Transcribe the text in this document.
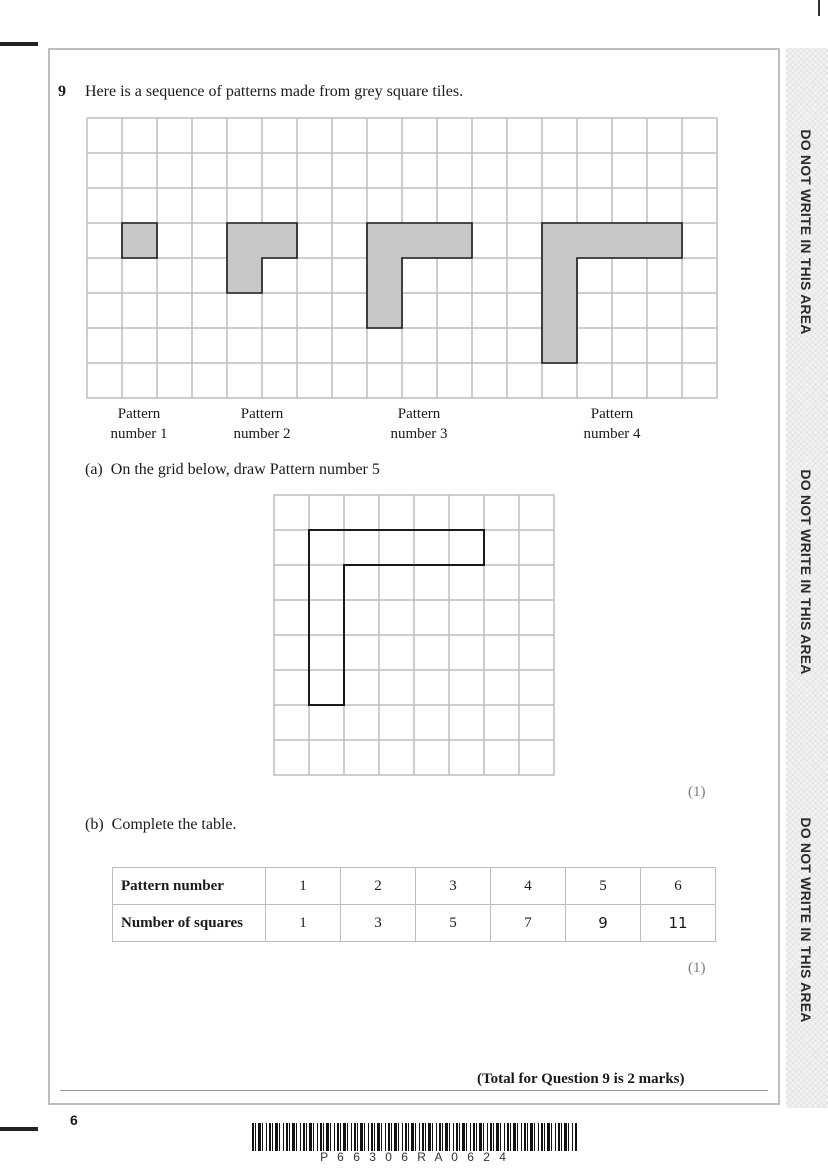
DO NOT WRITE IN THIS AREA
DO NOT WRITE IN THIS AREA
DO NOT WRITE IN THIS AREA
9 Here is a sequence of patterns made from grey square tiles.
Pattern
number 1
Pattern
number 2
Pattern
number 3
Pattern
number 4
(a) On the grid below, draw Pattern number 5
(1)
(b) Complete the table.
Pattern number	1	2	3	4	5	6
Number of squares	1	3	5	7	9	11
(1)
(Total for Question 9 is 2 marks)
6
P 6 6 3 0 6 R A 0 6 2 4
